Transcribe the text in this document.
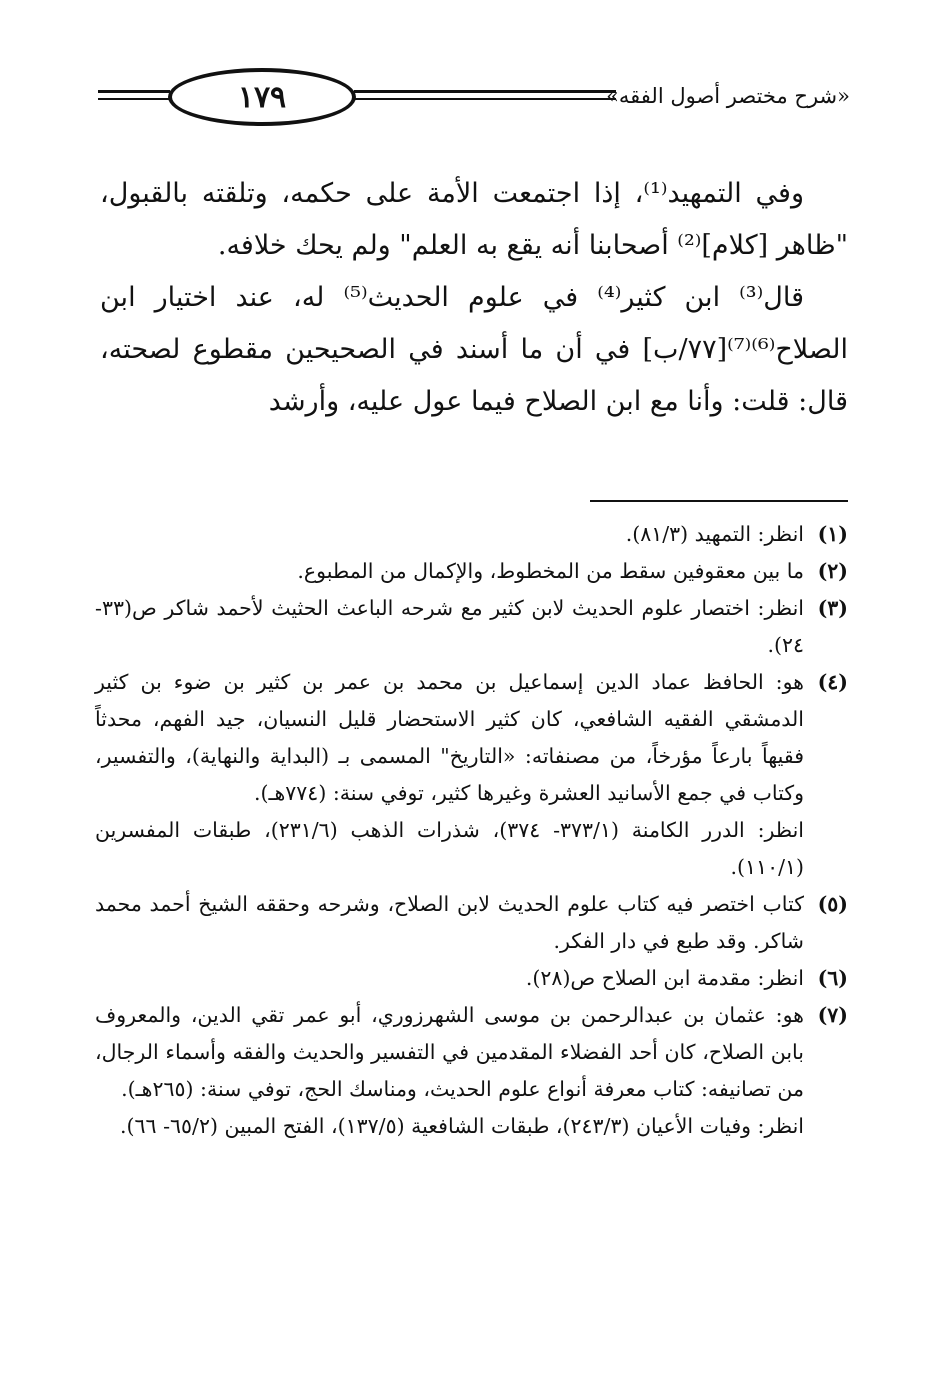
١٧٩	«شرح مختصر أصول الفقه»

وفي التمهيد⁽¹⁾، إذا اجتمعت الأمة على حكمه، وتلقته بالقبول، "ظاهر [كلام]⁽²⁾ أصحابنا أنه يقع به العلم" ولم يحك خلافه.

قال⁽³⁾ ابن كثير⁽⁴⁾ في علوم الحديث⁽⁵⁾ له، عند اختيار ابن الصلاح⁽⁶⁾⁽⁷⁾[٧٧/ب] في أن ما أسند في الصحيحين مقطوع لصحته، قال: قلت: وأنا مع ابن الصلاح فيما عول عليه، وأرشد

(١)
انظر: التمهيد (٨١/٣).
(٢)
ما بين معقوفين سقط من المخطوط، والإكمال من المطبوع.
(٣)
انظر: اختصار علوم الحديث لابن كثير مع شرحه الباعث الحثيث لأحمد شاكر ص(٣٣- ٢٤).
(٤)
هو: الحافظ عماد الدين إسماعيل بن محمد بن عمر بن كثير بن ضوء بن كثير الدمشقي الفقيه الشافعي، كان كثير الاستحضار قليل النسيان، جيد الفهم، محدثاً فقيهاً بارعاً مؤرخاً، من مصنفاته: «التاريخ" المسمى بـ (البداية والنهاية)، والتفسير، وكتاب في جمع الأسانيد العشرة وغيرها كثير، توفي سنة: (٧٧٤هـ).
انظر: الدرر الكامنة (٣٧٣/١- ٣٧٤)، شذرات الذهب (٢٣١/٦)، طبقات المفسرين (١١٠/١).
(٥)
كتاب اختصر فيه كتاب علوم الحديث لابن الصلاح، وشرحه وحققه الشيخ أحمد محمد شاكر. وقد طبع في دار الفكر.
(٦)
انظر: مقدمة ابن الصلاح ص(٢٨).
(٧)
هو: عثمان بن عبدالرحمن بن موسى الشهرزوري، أبو عمر تقي الدين، والمعروف بابن الصلاح، كان أحد الفضلاء المقدمين في التفسير والحديث والفقه وأسماء الرجال، من تصانيفه: كتاب معرفة أنواع علوم الحديث، ومناسك الحج، توفي سنة: (٢٦٥هـ).
انظر: وفيات الأعيان (٢٤٣/٣)، طبقات الشافعية (١٣٧/٥)، الفتح المبين (٦٥/٢- ٦٦).
